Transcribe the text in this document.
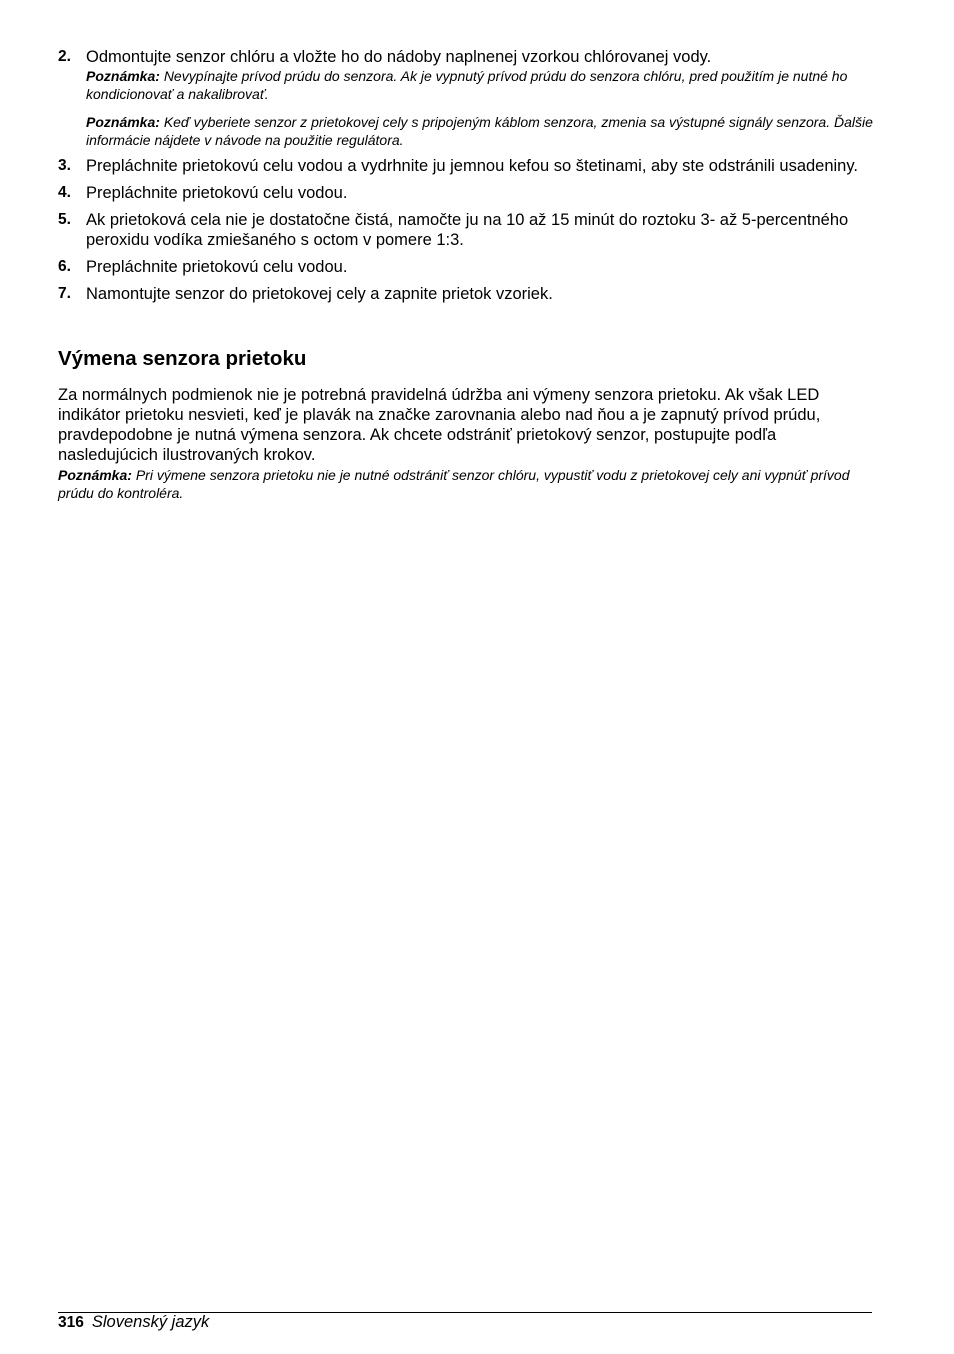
2. Odmontujte senzor chlóru a vložte ho do nádoby naplnenej vzorkou chlórovanej vody.
Poznámka: Nevypínajte prívod prúdu do senzora. Ak je vypnutý prívod prúdu do senzora chlóru, pred použitím je nutné ho kondicionovať a nakalibrovať.
Poznámka: Keď vyberiete senzor z prietokovej cely s pripojeným káblom senzora, zmenia sa výstupné signály senzora. Ďalšie informácie nájdete v návode na použitie regulátora.
3. Prepláchnite prietokovú celu vodou a vydrhnite ju jemnou kefou so štetinami, aby ste odstránili usadeniny.
4. Prepláchnite prietokovú celu vodou.
5. Ak prietoková cela nie je dostatočne čistá, namočte ju na 10 až 15 minút do roztoku 3- až 5-percentného peroxidu vodíka zmiešaného s octom v pomere 1:3.
6. Prepláchnite prietokovú celu vodou.
7. Namontujte senzor do prietokovej cely a zapnite prietok vzoriek.
Výmena senzora prietoku

Za normálnych podmienok nie je potrebná pravidelná údržba ani výmeny senzora prietoku. Ak však LED indikátor prietoku nesvieti, keď je plavák na značke zarovnania alebo nad ňou a je zapnutý prívod prúdu, pravdepodobne je nutná výmena senzora. Ak chcete odstrániť prietokový senzor, postupujte podľa nasledujúcich ilustrovaných krokov.

Poznámka: Pri výmene senzora prietoku nie je nutné odstrániť senzor chlóru, vypustiť vodu z prietokovej cely ani vypnúť prívod prúdu do kontroléra.

316 Slovenský jazyk
